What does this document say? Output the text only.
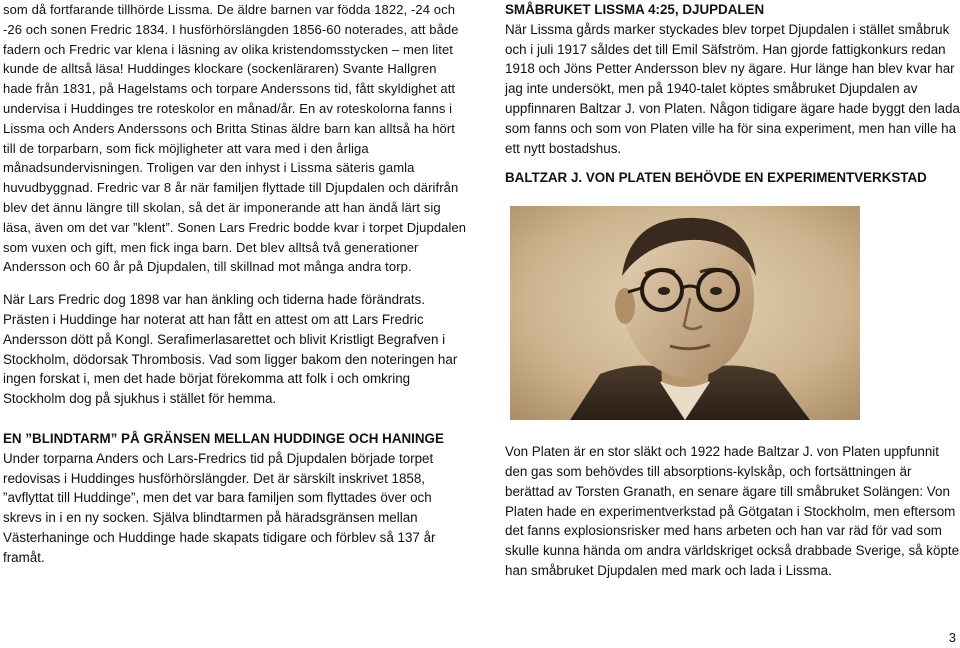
som då fortfarande tillhörde Lissma. De äldre barnen var födda 1822, -24 och -26 och sonen Fredric 1834. I husförhörslängden 1856-60 noterades, att både fadern och Fredric var klena i läsning av olika kristendomsstycken – men litet kunde de alltså läsa! Huddinges klockare (sockenläraren) Svante Hallgren hade från 1831, på Hagelstams och torpare Anderssons tid, fått skyldighet att undervisa i Huddinges tre roteskolor en månad/år. En av roteskolorna fanns i Lissma och Anders Anderssons och Britta Stinas äldre barn kan alltså ha hört till de torparbarn, som fick möjligheter att vara med i den årliga månadsundervisningen. Troligen var den inhyst i Lissma säteris gamla huvudbyggnad. Fredric var 8 år när familjen flyttade till Djupdalen och därifrån blev det ännu längre till skolan, så det är imponerande att han ändå lärt sig läsa, även om det var ”klent”. Sonen Lars Fredric bodde kvar i torpet Djupdalen som vuxen och gift, men fick inga barn. Det blev alltså två generationer Andersson och 60 år på Djupdalen, till skillnad mot många andra torp.

När Lars Fredric dog 1898 var han änkling och tiderna hade förändrats. Prästen i Huddinge har noterat att han fått en attest om att Lars Fredric Andersson dött på Kongl. Serafimerlasarettet och blivit Kristligt Begrafven i Stockholm, dödorsak Thrombosis. Vad som ligger bakom den noteringen har ingen forskat i, men det hade börjat förekomma att folk i och omkring Stockholm dog på sjukhus i stället för hemma.

EN ”BLINDTARM” PÅ GRÄNSEN MELLAN HUDDINGE OCH HANINGE

Under torparna Anders och Lars-Fredrics tid på Djupdalen började torpet redovisas i Huddinges husförhörslängder. Det är särskilt inskrivet 1858, ”avflyttat till Huddinge”, men det var bara familjen som flyttades över och skrevs in i en ny socken. Själva blindtarmen på häradsgränsen mellan Västerhaninge och Huddinge hade skapats tidigare och förblev så 137 år framåt.

SMÅBRUKET LISSMA 4:25, DJUPDALEN

När Lissma gårds marker styckades blev torpet Djupdalen i stället småbruk och i juli 1917 såldes det till Emil Säfström. Han gjorde fattigkonkurs redan 1918 och Jöns Petter Andersson blev ny ägare. Hur länge han blev kvar har jag inte undersökt, men på 1940-talet köptes småbruket Djupdalen av uppfinnaren Baltzar J. von Platen. Någon tidigare ägare hade byggt den lada som fanns och som von Platen ville ha för sina experiment, men han ville ha ett nytt bostadshus.

BALTZAR J. VON PLATEN BEHÖVDE EN EXPERIMENTVERKSTAD

Von Platen är en stor släkt och 1922 hade Baltzar J. von Platen uppfunnit den gas som behövdes till absorptions-kylskåp, och fortsättningen är berättad av Torsten Granath, en senare ägare till småbruket Solängen: Von Platen hade en experimentverkstad på Götgatan i Stockholm, men eftersom det fanns explosionsrisker med hans arbeten och han var räd för vad som skulle kunna hända om andra världskriget också drabbade Sverige, så köpte han småbruket Djupdalen med mark och lada i Lissma.

3
